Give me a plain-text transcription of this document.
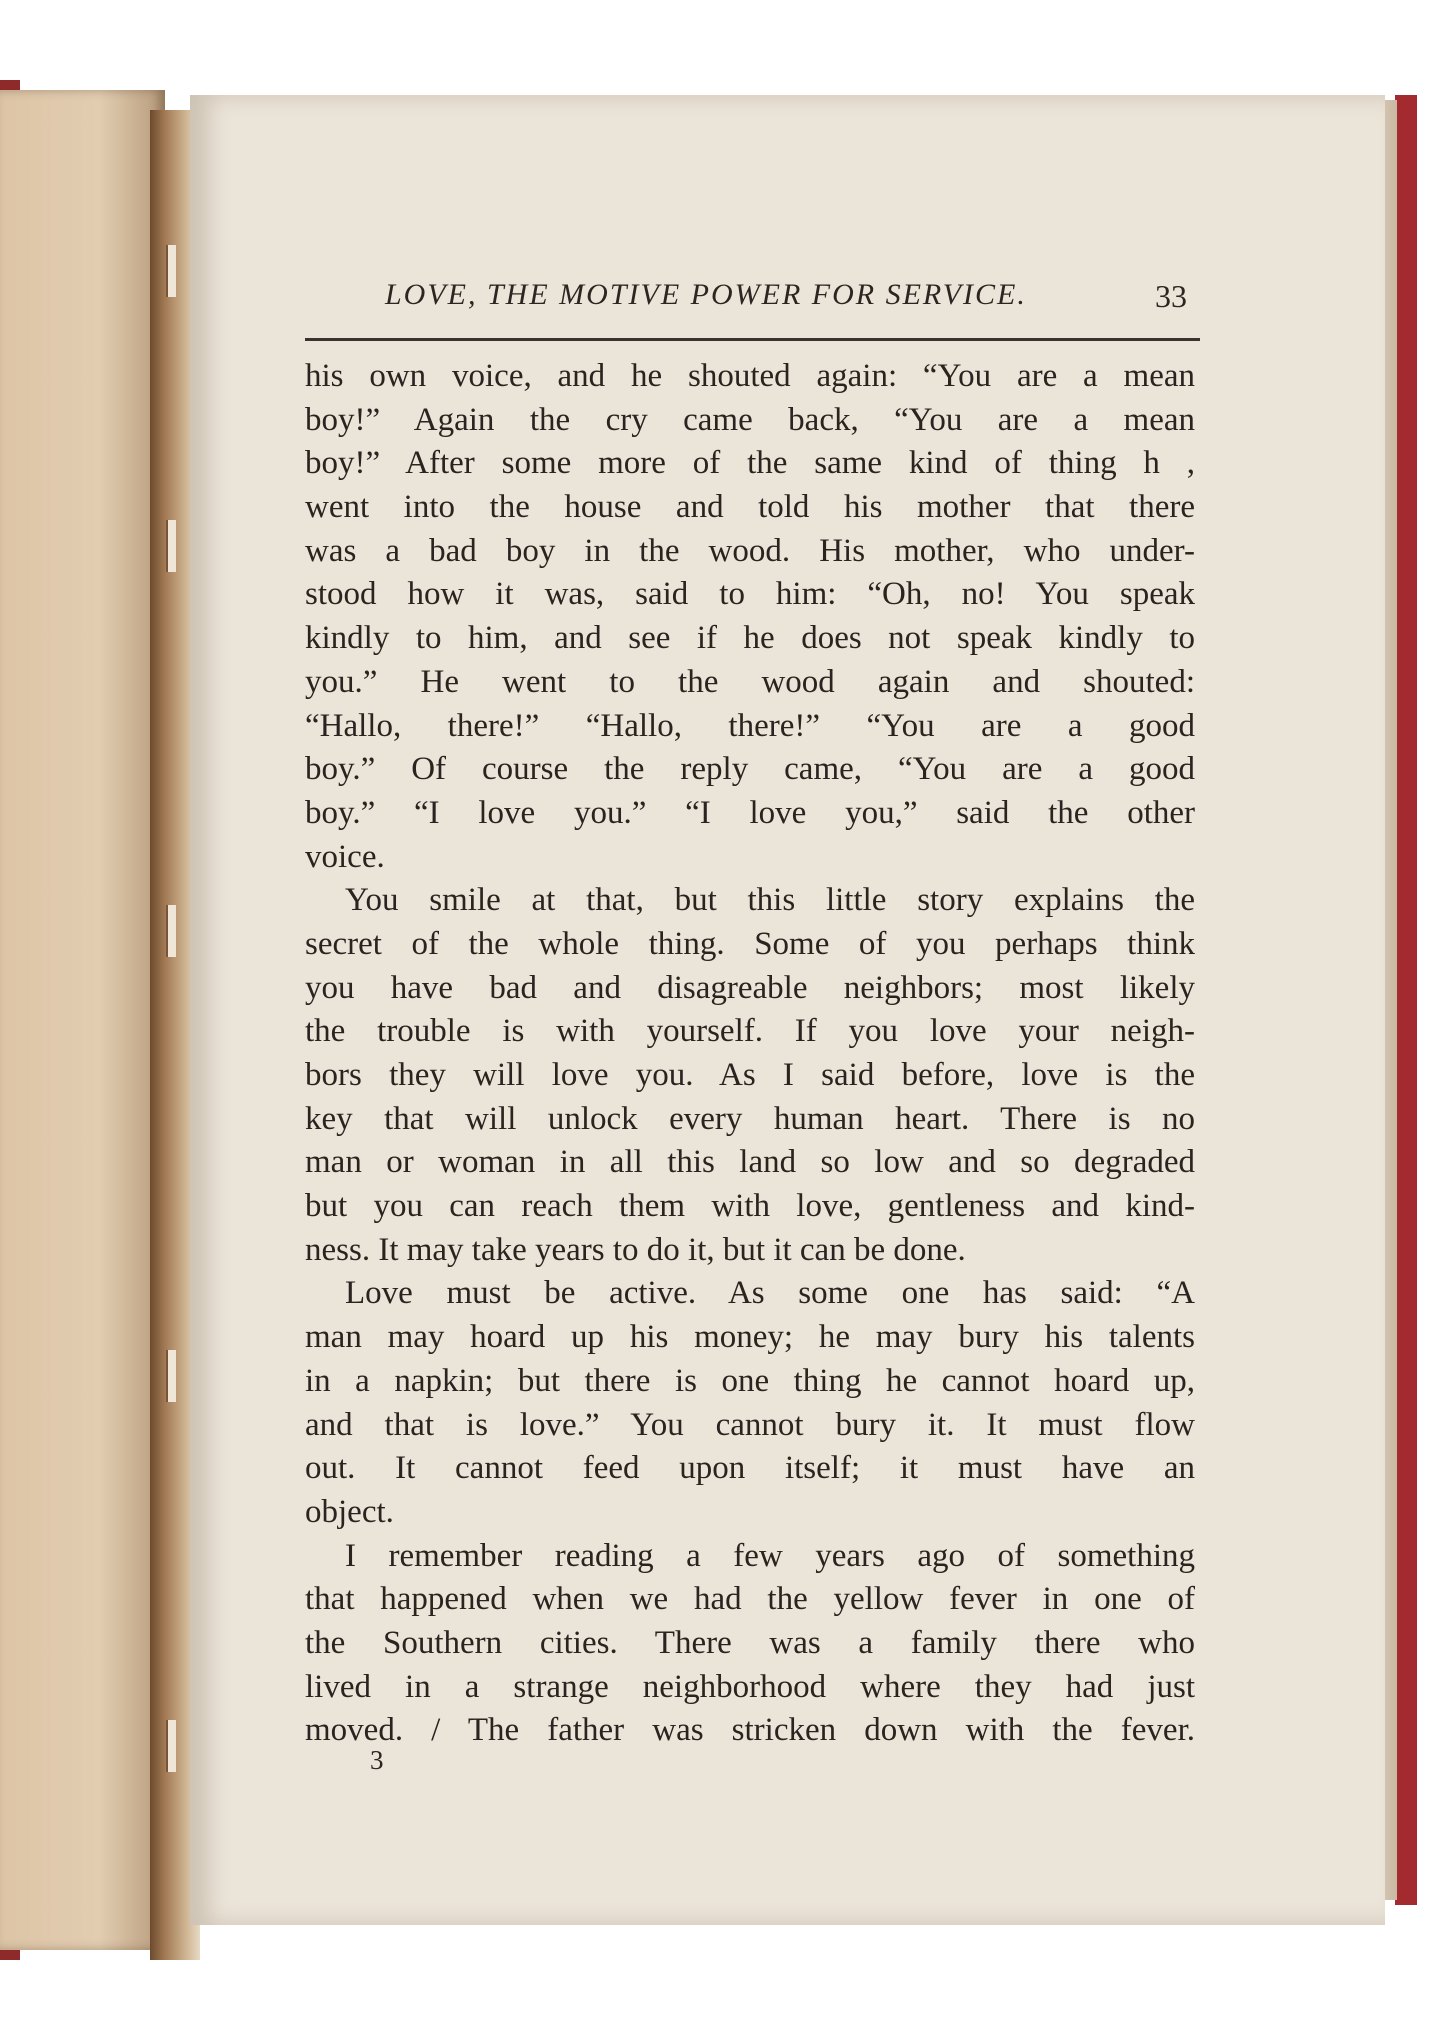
LOVE, THE MOTIVE POWER FOR SERVICE.	33
his own voice, and he shouted again: “You are a mean
boy!” Again the cry came back, “You are a mean
boy!” After some more of the same kind of thing h ,
went into the house and told his mother that there
was a bad boy in the wood. His mother, who under-
stood how it was, said to him: “Oh, no! You speak
kindly to him, and see if he does not speak kindly to
you.” He went to the wood again and shouted:
“Hallo, there!” “Hallo, there!” “You are a good
boy.” Of course the reply came, “You are a good
boy.” “I love you.” “I love you,” said the other
voice.
You smile at that, but this little story explains the
secret of the whole thing. Some of you perhaps think
you have bad and disagreable neighbors; most likely
the trouble is with yourself. If you love your neigh-
bors they will love you. As I said before, love is the
key that will unlock every human heart. There is no
man or woman in all this land so low and so degraded
but you can reach them with love, gentleness and kind-
ness. It may take years to do it, but it can be done.
Love must be active. As some one has said: “A
man may hoard up his money; he may bury his talents
in a napkin; but there is one thing he cannot hoard up,
and that is love.” You cannot bury it. It must flow
out. It cannot feed upon itself; it must have an
object.
I remember reading a few years ago of something
that happened when we had the yellow fever in one of
the Southern cities. There was a family there who
lived in a strange neighborhood where they had just
moved. / The father was stricken down with the fever.
3
